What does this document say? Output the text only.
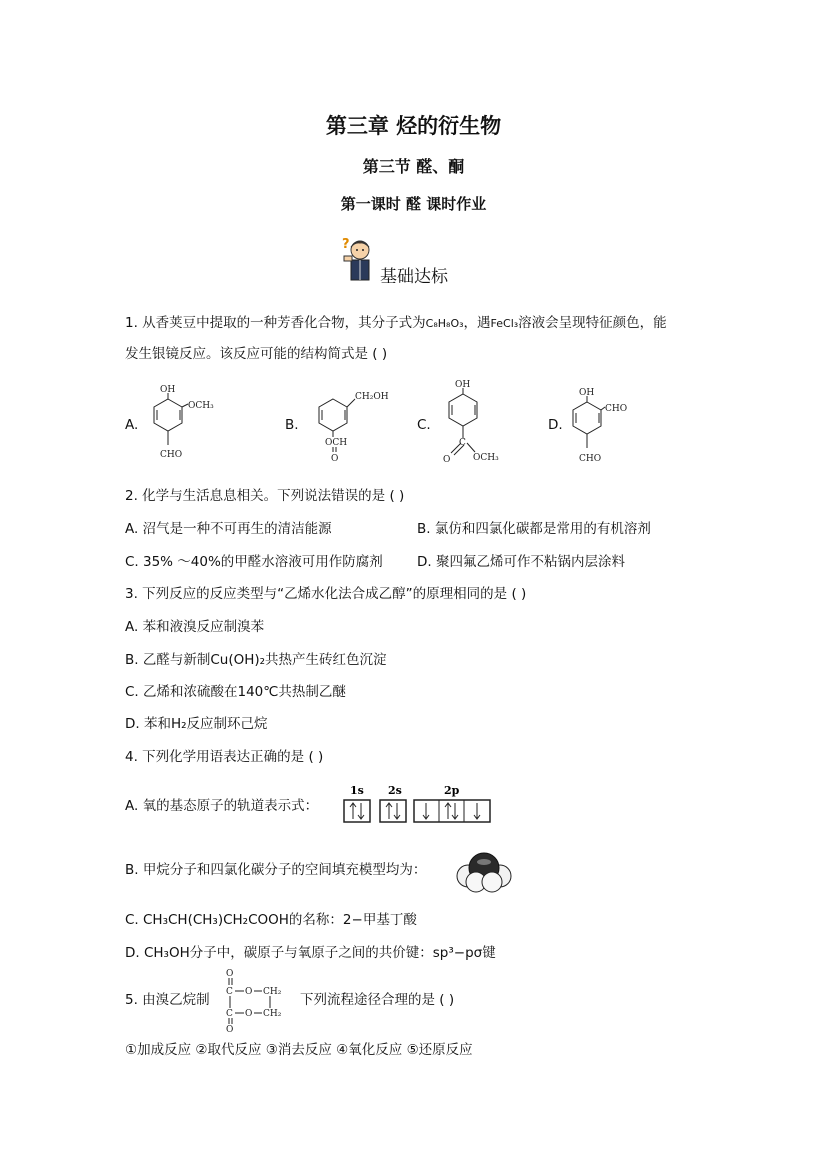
第三章 烃的衍生物
第三节 醛、酮
第一课时 醛 课时作业
?
基础达标
1. 从香荚豆中提取的一种芳香化合物，其分子式为C₈H₈O₃，遇FeCl₃溶液会呈现特征颜色，能
发生银镜反应。该反应可能的结构简式是 ( )
A.	B.	C.	D.
OH
OCH₃
CHO
CH₂OH
OCH
O
OH
C
O	OCH₃
OH
CHO
CHO
2. 化学与生活息息相关。下列说法错误的是 ( )
A. 沼气是一种不可再生的清洁能源	B. 氯仿和四氯化碳都是常用的有机溶剂
C. 35% ～40%的甲醛水溶液可用作防腐剂	D. 聚四氟乙烯可作不粘锅内层涂料
3. 下列反应的反应类型与“乙烯水化法合成乙醇”的原理相同的是 ( )
A. 苯和液溴反应制溴苯
B. 乙醛与新制Cu(OH)₂共热产生砖红色沉淀
C. 乙烯和浓硫酸在140℃共热制乙醚
D. 苯和H₂反应制环己烷
4. 下列化学用语表达正确的是 ( )
A. 氧的基态原子的轨道表示式：
1s 2s	2p
B. 甲烷分子和四氯化碳分子的空间填充模型均为：
C. CH₃CH(CH₃)CH₂COOH的名称：2−甲基丁酸
D. CH₃OH分子中，碳原子与氧原子之间的共价键：sp³−pσ键
5. 由溴乙烷制
O
C O CH₂
C O CH₂
O
下列流程途径合理的是 ( )
①加成反应 ②取代反应 ③消去反应 ④氧化反应 ⑤还原反应
